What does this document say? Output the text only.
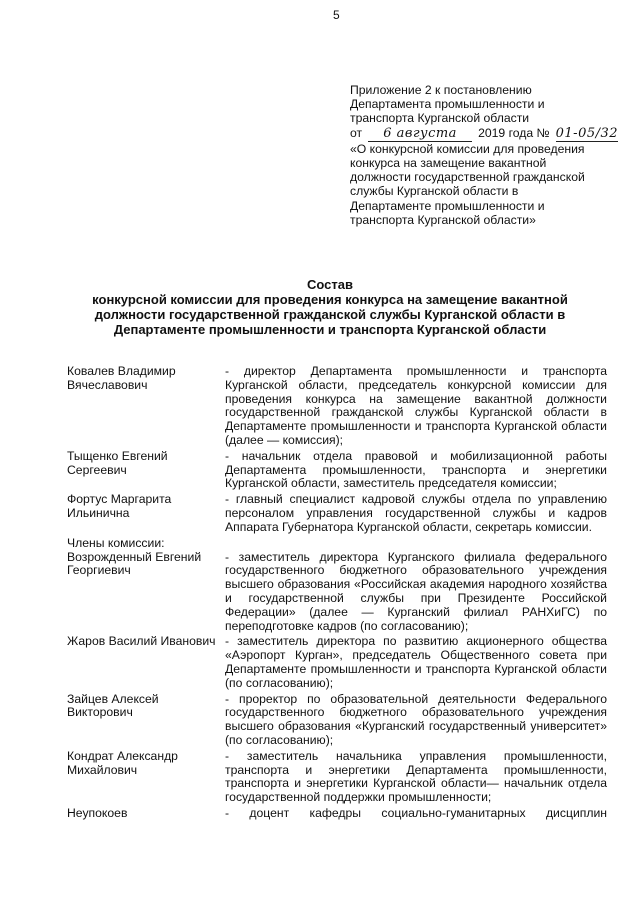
5
Приложение 2 к постановлению
Департамента промышленности и
транспорта Курганской области
от 6 августа 2019 года № 01-05/32
«О конкурсной комиссии для проведения
конкурса на замещение вакантной
должности государственной гражданской
службы Курганской области в
Департаменте промышленности и
транспорта Курганской области»
Состав
конкурсной комиссии для проведения конкурса на замещение вакантной
должности государственной гражданской службы Курганской области в
Департаменте промышленности и транспорта Курганской области
Ковалев Владимир Вячеславович
- директор Департамента промышленности и транспорта Курганской области, председатель конкурсной комиссии для проведения конкурса на замещение вакантной должности государственной гражданской службы Курганской области в Департаменте промышленности и транспорта Курганской области (далее — комиссия);
Тыщенко Евгений Сергеевич
- начальник отдела правовой и мобилизационной работы Департамента промышленности, транспорта и энергетики Курганской области, заместитель председателя комиссии;
Фортус Маргарита Ильинична
- главный специалист кадровой службы отдела по управлению персоналом управления государственной службы и кадров Аппарата Губернатора Курганской области, секретарь комиссии.
Члены комиссии:
Возрожденный Евгений Георгиевич
- заместитель директора Курганского филиала федерального государственного бюджетного образовательного учреждения высшего образования «Российская академия народного хозяйства и государственной службы при Президенте Российской Федерации» (далее — Курганский филиал РАНХиГС) по переподготовке кадров (по согласованию);
Жаров Василий Иванович - заместитель директора по развитию акционерного общества «Аэропорт Курган», председатель Общественного совета при Департаменте промышленности и транспорта Курганской области (по согласованию);
Зайцев Алексей Викторович
- проректор по образовательной деятельности Федерального государственного бюджетного образовательного учреждения высшего образования «Курганский государственный университет» (по согласованию);
Кондрат Александр Михайлович
- заместитель начальника управления промышленности, транспорта и энергетики Департамента промышленности, транспорта и энергетики Курганской области— начальник отдела государственной поддержки промышленности;
Неупокоев	- доцент кафедры социально-гуманитарных дисциплин
